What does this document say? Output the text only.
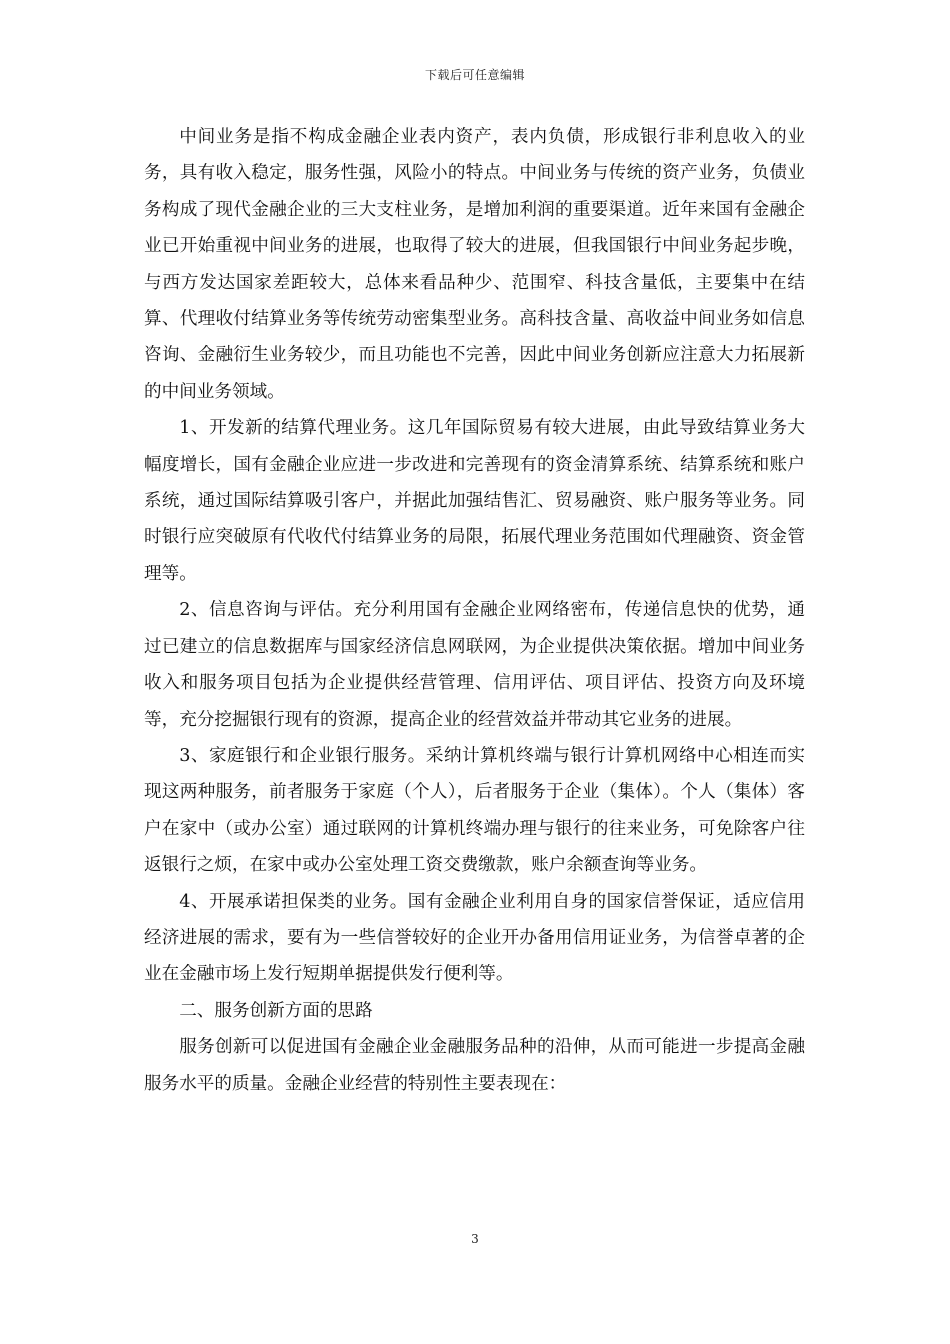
下载后可任意编辑

中间业务是指不构成金融企业表内资产，表内负债，形成银行非利息收入的业务，具有收入稳定，服务性强，风险小的特点。中间业务与传统的资产业务，负债业务构成了现代金融企业的三大支柱业务，是增加利润的重要渠道。近年来国有金融企业已开始重视中间业务的进展，也取得了较大的进展，但我国银行中间业务起步晚，与西方发达国家差距较大，总体来看品种少、范围窄、科技含量低，主要集中在结算、代理收付结算业务等传统劳动密集型业务。高科技含量、高收益中间业务如信息咨询、金融衍生业务较少，而且功能也不完善，因此中间业务创新应注意大力拓展新的中间业务领域。

1、开发新的结算代理业务。这几年国际贸易有较大进展，由此导致结算业务大幅度增长，国有金融企业应进一步改进和完善现有的资金清算系统、结算系统和账户系统，通过国际结算吸引客户，并据此加强结售汇、贸易融资、账户服务等业务。同时银行应突破原有代收代付结算业务的局限，拓展代理业务范围如代理融资、资金管理等。

2、信息咨询与评估。充分利用国有金融企业网络密布，传递信息快的优势，通过已建立的信息数据库与国家经济信息网联网，为企业提供决策依据。增加中间业务收入和服务项目包括为企业提供经营管理、信用评估、项目评估、投资方向及环境等，充分挖掘银行现有的资源，提高企业的经营效益并带动其它业务的进展。

3、家庭银行和企业银行服务。采纳计算机终端与银行计算机网络中心相连而实现这两种服务，前者服务于家庭（个人），后者服务于企业（集体）。个人（集体）客户在家中（或办公室）通过联网的计算机终端办理与银行的往来业务，可免除客户往返银行之烦，在家中或办公室处理工资交费缴款，账户余额查询等业务。

4、开展承诺担保类的业务。国有金融企业利用自身的国家信誉保证，适应信用经济进展的需求，要有为一些信誉较好的企业开办备用信用证业务，为信誉卓著的企业在金融市场上发行短期单据提供发行便利等。

二、服务创新方面的思路

服务创新可以促进国有金融企业金融服务品种的沿伸，从而可能进一步提高金融服务水平的质量。金融企业经营的特别性主要表现在：

3
